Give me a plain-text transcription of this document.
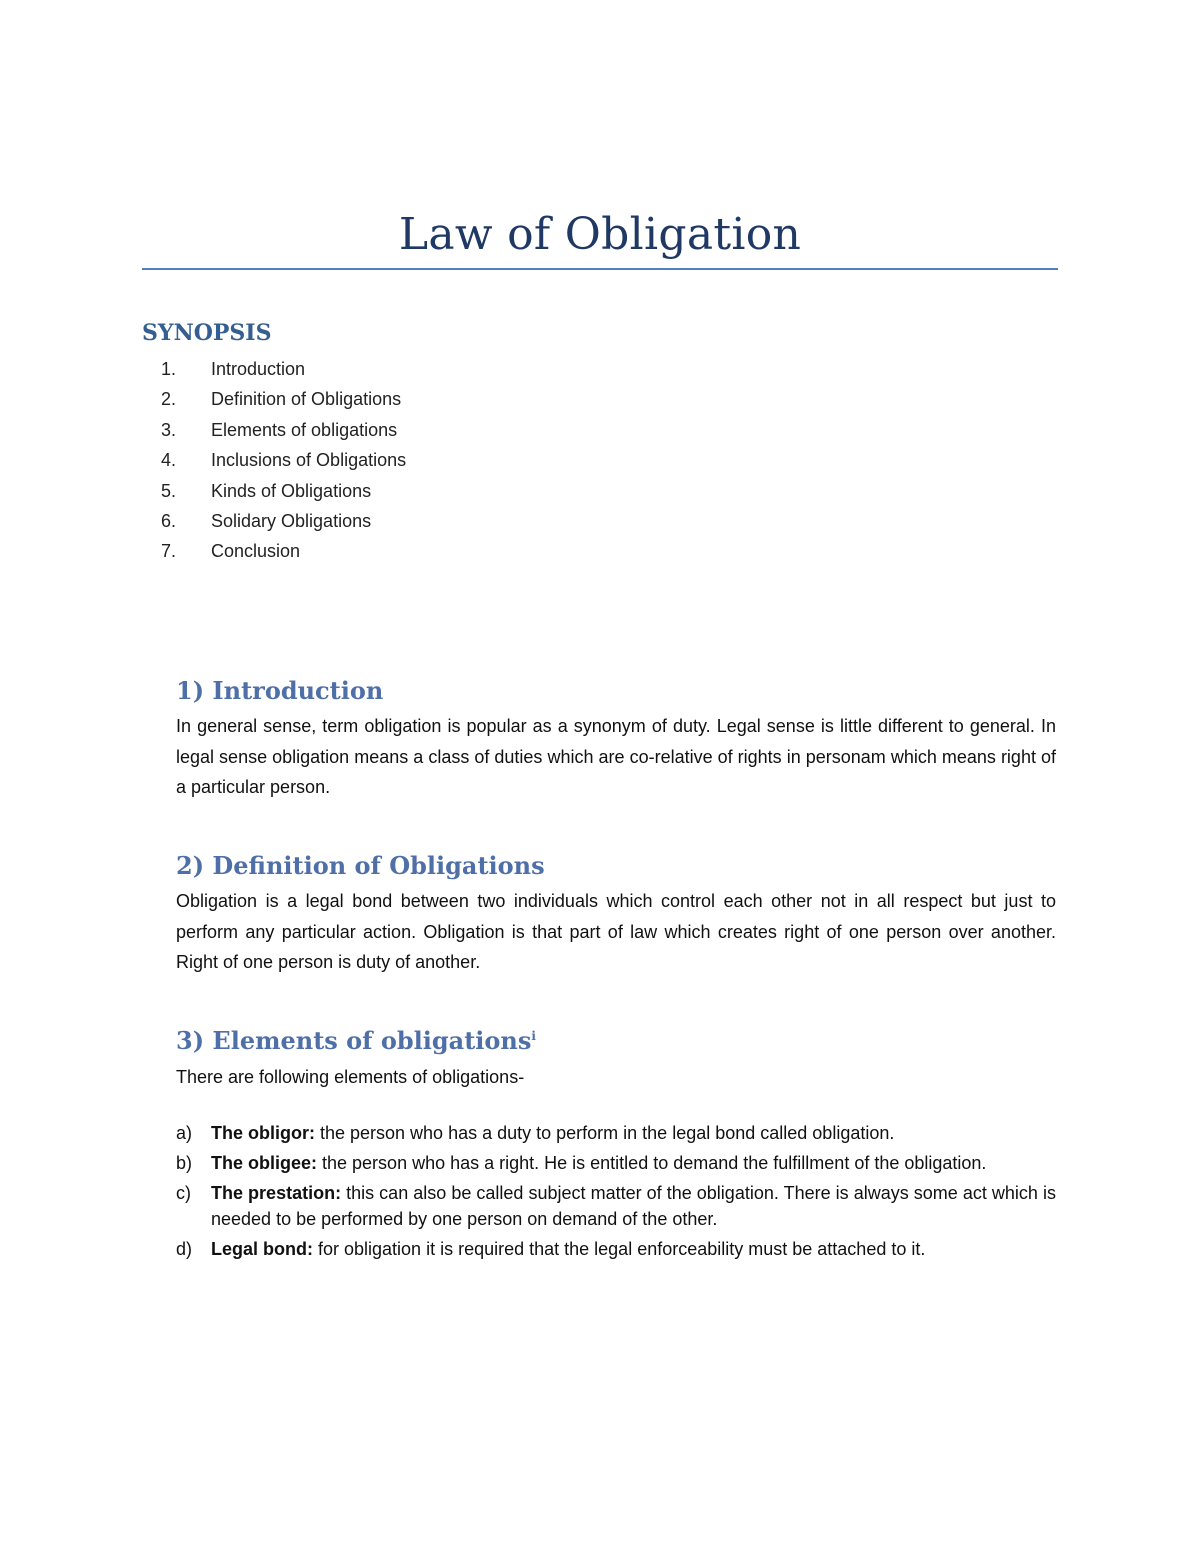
Law of Obligation
SYNOPSIS
1. Introduction
2. Definition of Obligations
3. Elements of obligations
4. Inclusions of Obligations
5. Kinds of Obligations
6. Solidary Obligations
7. Conclusion
1) Introduction

In general sense, term obligation is popular as a synonym of duty. Legal sense is little different to general. In legal sense obligation means a class of duties which are co-relative of rights in personam which means right of a particular person.

2) Definition of Obligations

Obligation is a legal bond between two individuals which control each other not in all respect but just to perform any particular action. Obligation is that part of law which creates right of one person over another. Right of one person is duty of another.

3) Elements of obligations$^i$

There are following elements of obligations-

a) The obligor: the person who has a duty to perform in the legal bond called obligation.
b) The obligee: the person who has a right. He is entitled to demand the fulfillment of the obligation.
c) The prestation: this can also be called subject matter of the obligation. There is always some act which is needed to be performed by one person on demand of the other.
d) Legal bond: for obligation it is required that the legal enforceability must be attached to it.
